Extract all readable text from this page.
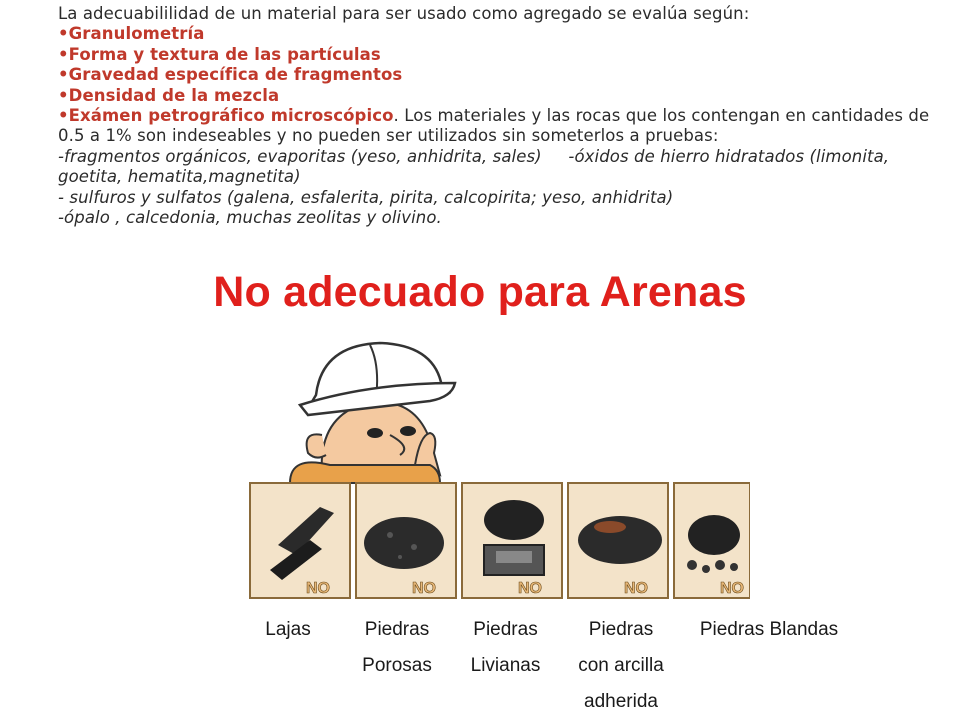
La adecuabililidad de un material para ser usado como agregado se evalúa según:

•Granulometría

•Forma y textura de las partículas

•Gravedad específica de fragmentos

•Densidad de la mezcla

•Exámen petrográfico microscópico. Los materiales y las rocas que los contengan en cantidades de 0.5 a 1% son indeseables y no pueden ser utilizados sin someterlos a pruebas:

-fragmentos orgánicos, evaporitas (yeso, anhidrita, sales)     -óxidos de hierro hidratados (limonita, goetita, hematita,magnetita)

- sulfuros y sulfatos (galena, esfalerita, pirita, calcopirita; yeso, anhidrita)

-ópalo , calcedonia, muchas zeolitas y olivino.

No adecuado para Arenas
NO	NO	NO	NO	NO
Lajas	Piedras
Porosas
Piedras
Livianas
Piedras
con arcilla
adherida
Piedras Blandas
